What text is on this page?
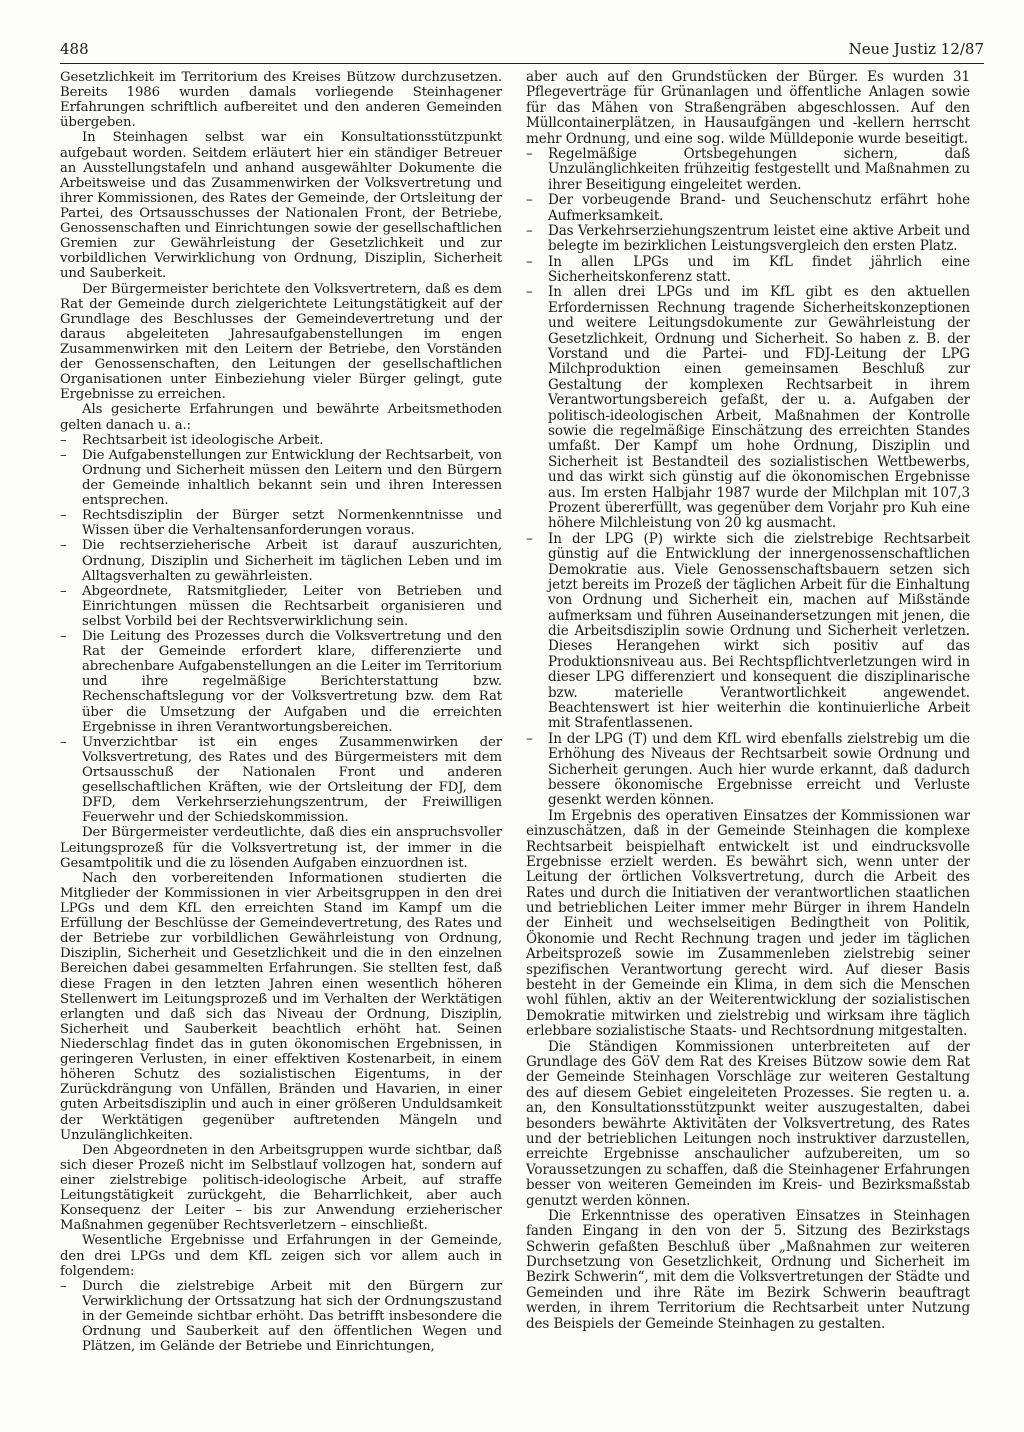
488	Neue Justiz 12/87

Gesetzlichkeit im Territorium des Kreises Bützow durchzusetzen. Bereits 1986 wurden damals vorliegende Steinhagener Erfahrungen schriftlich aufbereitet und den anderen Gemeinden übergeben.

In Steinhagen selbst war ein Konsultationsstützpunkt aufgebaut worden. Seitdem erläutert hier ein ständiger Betreuer an Ausstellungstafeln und anhand ausgewählter Dokumente die Arbeitsweise und das Zusammenwirken der Volksvertretung und ihrer Kommissionen, des Rates der Gemeinde, der Ortsleitung der Partei, des Ortsausschusses der Nationalen Front, der Betriebe, Genossenschaften und Einrichtungen sowie der gesellschaftlichen Gremien zur Gewährleistung der Gesetzlichkeit und zur vorbildlichen Verwirklichung von Ordnung, Disziplin, Sicherheit und Sauberkeit.

Der Bürgermeister berichtete den Volksvertretern, daß es dem Rat der Gemeinde durch zielgerichtete Leitungstätigkeit auf der Grundlage des Beschlusses der Gemeindevertretung und der daraus abgeleiteten Jahresaufgabenstellungen im engen Zusammenwirken mit den Leitern der Betriebe, den Vorständen der Genossenschaften, den Leitungen der gesellschaftlichen Organisationen unter Einbeziehung vieler Bürger gelingt, gute Ergebnisse zu erreichen.

Als gesicherte Erfahrungen und bewährte Arbeitsmethoden gelten danach u. a.:

– Rechtsarbeit ist ideologische Arbeit.
– Die Aufgabenstellungen zur Entwicklung der Rechtsarbeit, von Ordnung und Sicherheit müssen den Leitern und den Bürgern der Gemeinde inhaltlich bekannt sein und ihren Interessen entsprechen.
– Rechtsdisziplin der Bürger setzt Normenkenntnisse und Wissen über die Verhaltensanforderungen voraus.
– Die rechtserzieherische Arbeit ist darauf auszurichten, Ordnung, Disziplin und Sicherheit im täglichen Leben und im Alltagsverhalten zu gewährleisten.
– Abgeordnete, Ratsmitglieder, Leiter von Betrieben und Einrichtungen müssen die Rechtsarbeit organisieren und selbst Vorbild bei der Rechtsverwirklichung sein.
– Die Leitung des Prozesses durch die Volksvertretung und den Rat der Gemeinde erfordert klare, differenzierte und abrechenbare Aufgabenstellungen an die Leiter im Territorium und ihre regelmäßige Berichterstattung bzw. Rechenschaftslegung vor der Volksvertretung bzw. dem Rat über die Umsetzung der Aufgaben und die erreichten Ergebnisse in ihren Verantwortungsbereichen.
– Unverzichtbar ist ein enges Zusammenwirken der Volksvertretung, des Rates und des Bürgermeisters mit dem Ortsausschuß der Nationalen Front und anderen gesellschaftlichen Kräften, wie der Ortsleitung der FDJ, dem DFD, dem Verkehrserziehungszentrum, der Freiwilligen Feuerwehr und der Schiedskommission.

Der Bürgermeister verdeutlichte, daß dies ein anspruchsvoller Leitungsprozeß für die Volksvertretung ist, der immer in die Gesamtpolitik und die zu lösenden Aufgaben einzuordnen ist.

Nach den vorbereitenden Informationen studierten die Mitglieder der Kommissionen in vier Arbeitsgruppen in den drei LPGs und dem KfL den erreichten Stand im Kampf um die Erfüllung der Beschlüsse der Gemeindevertretung, des Rates und der Betriebe zur vorbildlichen Gewährleistung von Ordnung, Disziplin, Sicherheit und Gesetzlichkeit und die in den einzelnen Bereichen dabei gesammelten Erfahrungen. Sie stellten fest, daß diese Fragen in den letzten Jahren einen wesentlich höheren Stellenwert im Leitungsprozeß und im Verhalten der Werktätigen erlangten und daß sich das Niveau der Ordnung, Disziplin, Sicherheit und Sauberkeit beachtlich erhöht hat. Seinen Niederschlag findet das in guten ökonomischen Ergebnissen, in geringeren Verlusten, in einer effektiven Kostenarbeit, in einem höheren Schutz des sozialistischen Eigentums, in der Zurückdrängung von Unfällen, Bränden und Havarien, in einer guten Arbeitsdisziplin und auch in einer größeren Unduldsamkeit der Werktätigen gegenüber auftretenden Mängeln und Unzulänglichkeiten.

Den Abgeordneten in den Arbeitsgruppen wurde sichtbar, daß sich dieser Prozeß nicht im Selbstlauf vollzogen hat, sondern auf einer zielstrebige politisch-ideologische Arbeit, auf straffe Leitungstätigkeit zurückgeht, die Beharrlichkeit, aber auch Konsequenz der Leiter – bis zur Anwendung erzieherischer Maßnahmen gegenüber Rechtsverletzern – einschließt.

Wesentliche Ergebnisse und Erfahrungen in der Gemeinde, den drei LPGs und dem KfL zeigen sich vor allem auch in folgendem:

– Durch die zielstrebige Arbeit mit den Bürgern zur Verwirklichung der Ortssatzung hat sich der Ordnungszustand in der Gemeinde sichtbar erhöht. Das betrifft insbesondere die Ordnung und Sauberkeit auf den öffentlichen Wegen und Plätzen, im Gelände der Betriebe und Einrichtungen,

aber auch auf den Grundstücken der Bürger. Es wurden 31 Pflegeverträge für Grünanlagen und öffentliche Anlagen sowie für das Mähen von Straßengräben abgeschlossen. Auf den Müllcontainerplätzen, in Hausaufgängen und -kellern herrscht mehr Ordnung, und eine sog. wilde Mülldeponie wurde beseitigt.

– Regelmäßige Ortsbegehungen sichern, daß Unzulänglichkeiten frühzeitig festgestellt und Maßnahmen zu ihrer Beseitigung eingeleitet werden.
– Der vorbeugende Brand- und Seuchenschutz erfährt hohe Aufmerksamkeit.
– Das Verkehrserziehungszentrum leistet eine aktive Arbeit und belegte im bezirklichen Leistungsvergleich den ersten Platz.
– In allen LPGs und im KfL findet jährlich eine Sicherheitskonferenz statt.
– In allen drei LPGs und im KfL gibt es den aktuellen Erfordernissen Rechnung tragende Sicherheitskonzeptionen und weitere Leitungsdokumente zur Gewährleistung der Gesetzlichkeit, Ordnung und Sicherheit. So haben z. B. der Vorstand und die Partei- und FDJ-Leitung der LPG Milchproduktion einen gemeinsamen Beschluß zur Gestaltung der komplexen Rechtsarbeit in ihrem Verantwortungsbereich gefaßt, der u. a. Aufgaben der politisch-ideologischen Arbeit, Maßnahmen der Kontrolle sowie die regelmäßige Einschätzung des erreichten Standes umfaßt. Der Kampf um hohe Ordnung, Disziplin und Sicherheit ist Bestandteil des sozialistischen Wettbewerbs, und das wirkt sich günstig auf die ökonomischen Ergebnisse aus. Im ersten Halbjahr 1987 wurde der Milchplan mit 107,3 Prozent übererfüllt, was gegenüber dem Vorjahr pro Kuh eine höhere Milchleistung von 20 kg ausmacht.
– In der LPG (P) wirkte sich die zielstrebige Rechtsarbeit günstig auf die Entwicklung der innergenossenschaftlichen Demokratie aus. Viele Genossenschaftsbauern setzen sich jetzt bereits im Prozeß der täglichen Arbeit für die Einhaltung von Ordnung und Sicherheit ein, machen auf Mißstände aufmerksam und führen Auseinandersetzungen mit jenen, die die Arbeitsdisziplin sowie Ordnung und Sicherheit verletzen. Dieses Herangehen wirkt sich positiv auf das Produktionsniveau aus. Bei Rechtspflichtverletzungen wird in dieser LPG differenziert und konsequent die disziplinarische bzw. materielle Verantwortlichkeit angewendet. Beachtenswert ist hier weiterhin die kontinuierliche Arbeit mit Strafentlassenen.
– In der LPG (T) und dem KfL wird ebenfalls zielstrebig um die Erhöhung des Niveaus der Rechtsarbeit sowie Ordnung und Sicherheit gerungen. Auch hier wurde erkannt, daß dadurch bessere ökonomische Ergebnisse erreicht und Verluste gesenkt werden können.

Im Ergebnis des operativen Einsatzes der Kommissionen war einzuschätzen, daß in der Gemeinde Steinhagen die komplexe Rechtsarbeit beispielhaft entwickelt ist und eindrucksvolle Ergebnisse erzielt werden. Es bewährt sich, wenn unter der Leitung der örtlichen Volksvertretung, durch die Arbeit des Rates und durch die Initiativen der verantwortlichen staatlichen und betrieblichen Leiter immer mehr Bürger in ihrem Handeln der Einheit und wechselseitigen Bedingtheit von Politik, Ökonomie und Recht Rechnung tragen und jeder im täglichen Arbeitsprozeß sowie im Zusammenleben zielstrebig seiner spezifischen Verantwortung gerecht wird. Auf dieser Basis besteht in der Gemeinde ein Klima, in dem sich die Menschen wohl fühlen, aktiv an der Weiterentwicklung der sozialistischen Demokratie mitwirken und zielstrebig und wirksam ihre täglich erlebbare sozialistische Staats- und Rechtsordnung mitgestalten.

Die Ständigen Kommissionen unterbreiteten auf der Grundlage des GöV dem Rat des Kreises Bützow sowie dem Rat der Gemeinde Steinhagen Vorschläge zur weiteren Gestaltung des auf diesem Gebiet eingeleiteten Prozesses. Sie regten u. a. an, den Konsultationsstützpunkt weiter auszugestalten, dabei besonders bewährte Aktivitäten der Volksvertretung, des Rates und der betrieblichen Leitungen noch instruktiver darzustellen, erreichte Ergebnisse anschaulicher aufzubereiten, um so Voraussetzungen zu schaffen, daß die Steinhagener Erfahrungen besser von weiteren Gemeinden im Kreis- und Bezirksmaßstab genutzt werden können.

Die Erkenntnisse des operativen Einsatzes in Steinhagen fanden Eingang in den von der 5. Sitzung des Bezirkstags Schwerin gefaßten Beschluß über „Maßnahmen zur weiteren Durchsetzung von Gesetzlichkeit, Ordnung und Sicherheit im Bezirk Schwerin“, mit dem die Volksvertretungen der Städte und Gemeinden und ihre Räte im Bezirk Schwerin beauftragt werden, in ihrem Territorium die Rechtsarbeit unter Nutzung des Beispiels der Gemeinde Steinhagen zu gestalten.
